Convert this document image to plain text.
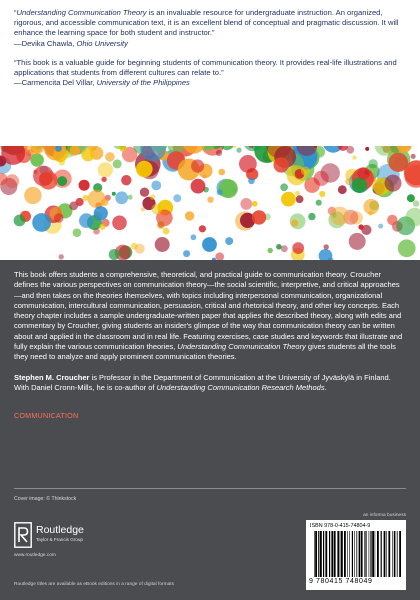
“Understanding Communication Theory is an invaluable resource for undergraduate instruction. An organized, rigorous, and accessible communication text, it is an excellent blend of conceptual and pragmatic discussion. It will enhance the learning space for both student and instructor.”

—Devika Chawla, Ohio University

“This book is a valuable guide for beginning students of communication theory. It provides real-life illustrations and applications that students from different cultures can relate to.”

—Carmencita Del Villar, University of the Philippines
This book offers students a comprehensive, theoretical, and practical guide to communication theory. Croucher defines the various perspectives on communication theory—the social scientific, interpretive, and critical approaches—and then takes on the theories themselves, with topics including interpersonal communication, organizational communication, intercultural communication, persuasion, critical and rhetorical theory, and other key concepts. Each theory chapter includes a sample undergraduate-written paper that applies the described theory, along with edits and commentary by Croucher, giving students an insider's glimpse of the way that communication theory can be written about and applied in the classroom and in real life. Featuring exercises, case studies and keywords that illustrate and fully explain the various communication theories, Understanding Communication Theory gives students all the tools they need to analyze and apply prominent communication theories.
Stephen M. Croucher is Professor in the Department of Communication at the University of Jyväskylä in Finland. With Daniel Cronn-Mills, he is co-author of Understanding Communication Research Methods.
COMMUNICATION
Cover image: © Thinkstock
an informa business
Routledge
Taylor & Francis Group
www.routledge.com
Routledge titles are available as eBook editions in a range of digital formats
ISBN 978-0-415-74804-9
9 780415 748049
